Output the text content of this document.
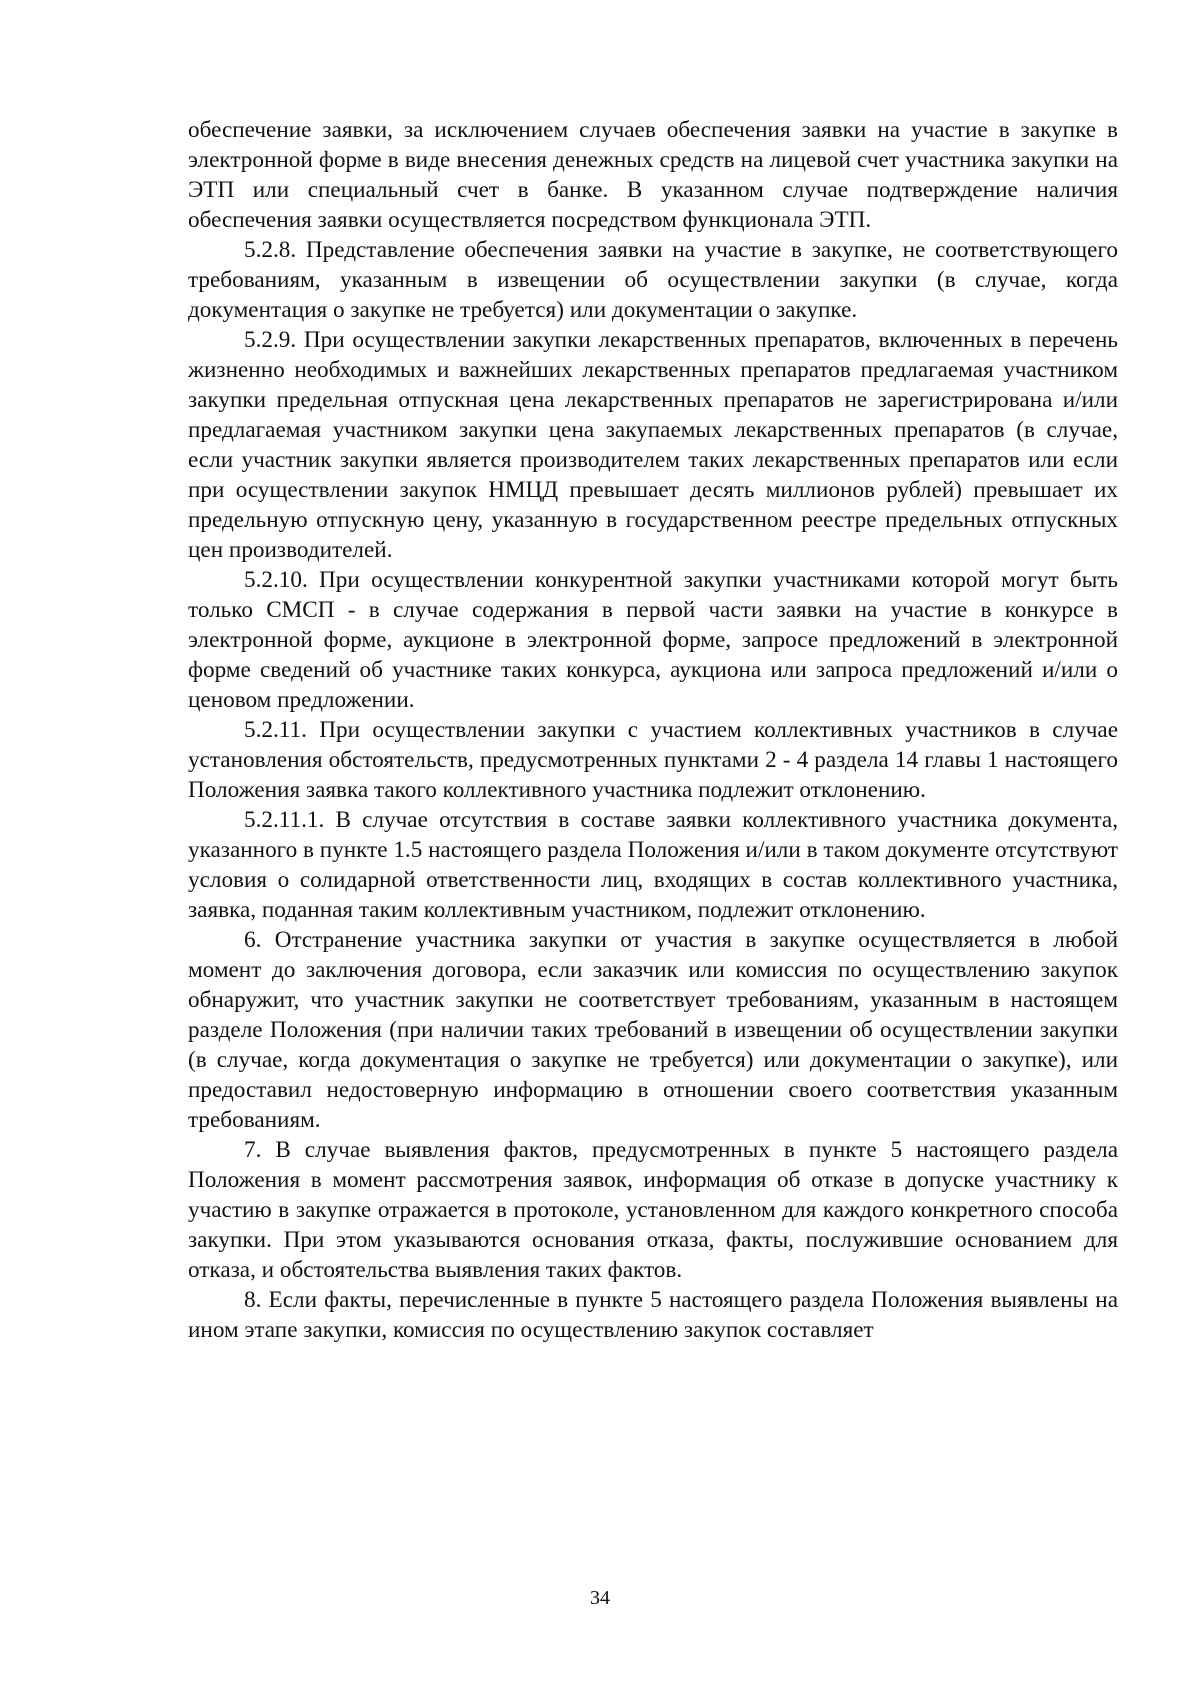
обеспечение заявки, за исключением случаев обеспечения заявки на участие в закупке в электронной форме в виде внесения денежных средств на лицевой счет участника закупки на ЭТП или специальный счет в банке. В указанном случае подтверждение наличия обеспечения заявки осуществляется посредством функционала ЭТП.

5.2.8. Представление обеспечения заявки на участие в закупке, не соответствующего требованиям, указанным в извещении об осуществлении закупки (в случае, когда документация о закупке не требуется) или документации о закупке.

5.2.9. При осуществлении закупки лекарственных препаратов, включенных в перечень жизненно необходимых и важнейших лекарственных препаратов предлагаемая участником закупки предельная отпускная цена лекарственных препаратов не зарегистрирована и/или предлагаемая участником закупки цена закупаемых лекарственных препаратов (в случае, если участник закупки является производителем таких лекарственных препаратов или если при осуществлении закупок НМЦД превышает десять миллионов рублей) превышает их предельную отпускную цену, указанную в государственном реестре предельных отпускных цен производителей.

5.2.10. При осуществлении конкурентной закупки участниками которой могут быть только СМСП - в случае содержания в первой части заявки на участие в конкурсе в электронной форме, аукционе в электронной форме, запросе предложений в электронной форме сведений об участнике таких конкурса, аукциона или запроса предложений и/или о ценовом предложении.

5.2.11. При осуществлении закупки с участием коллективных участников в случае установления обстоятельств, предусмотренных пунктами 2 - 4 раздела 14 главы 1 настоящего Положения заявка такого коллективного участника подлежит отклонению.

5.2.11.1. В случае отсутствия в составе заявки коллективного участника документа, указанного в пункте 1.5 настоящего раздела Положения и/или в таком документе отсутствуют условия о солидарной ответственности лиц, входящих в состав коллективного участника, заявка, поданная таким коллективным участником, подлежит отклонению.

6. Отстранение участника закупки от участия в закупке осуществляется в любой момент до заключения договора, если заказчик или комиссия по осуществлению закупок обнаружит, что участник закупки не соответствует требованиям, указанным в настоящем разделе Положения (при наличии таких требований в извещении об осуществлении закупки (в случае, когда документация о закупке не требуется) или документации о закупке), или предоставил недостоверную информацию в отношении своего соответствия указанным требованиям.

7. В случае выявления фактов, предусмотренных в пункте 5 настоящего раздела Положения в момент рассмотрения заявок, информация об отказе в допуске участнику к участию в закупке отражается в протоколе, установленном для каждого конкретного способа закупки. При этом указываются основания отказа, факты, послужившие основанием для отказа, и обстоятельства выявления таких фактов.

8. Если факты, перечисленные в пункте 5 настоящего раздела Положения выявлены на ином этапе закупки, комиссия по осуществлению закупок составляет

34
